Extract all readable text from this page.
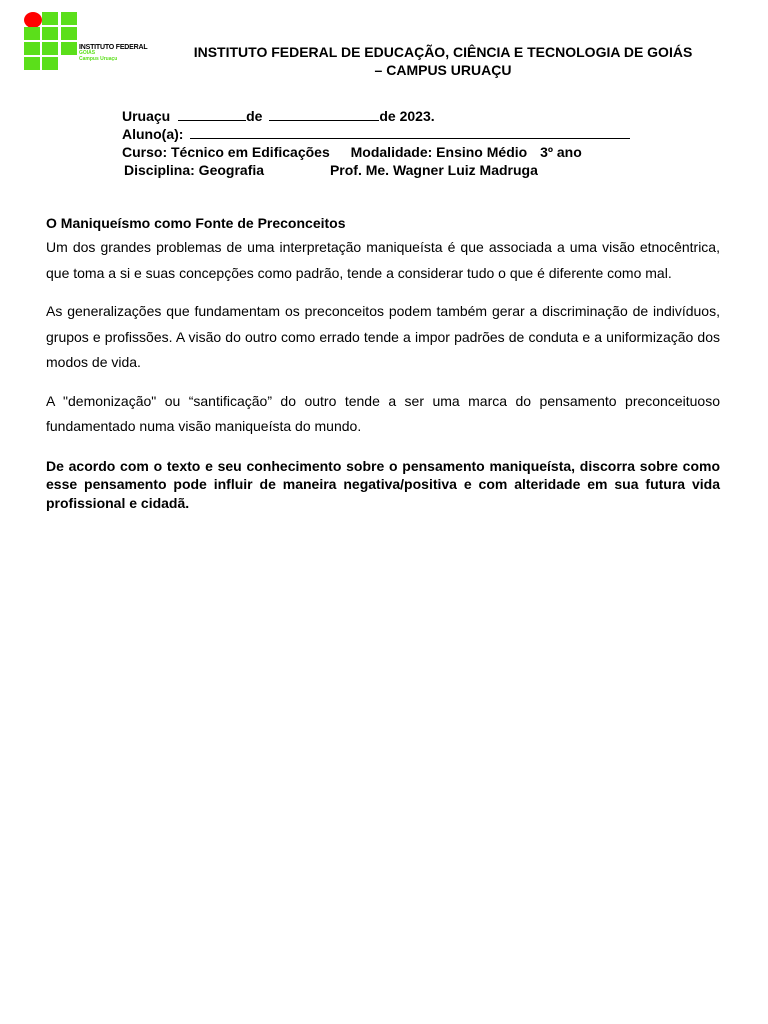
INSTITUTO FEDERAL
GOIÁS
Campus Uruaçu	INSTITUTO FEDERAL DE EDUCAÇÃO, CIÊNCIA E TECNOLOGIA DE GOIÁS
– CAMPUS URUAÇU
Uruaçu	de	de 2023.
Aluno(a):
Curso: Técnico em Edificações Modalidade: Ensino Médio 3º ano
Disciplina: Geografia	Prof. Me. Wagner Luiz Madruga
O Maniqueísmo como Fonte de Preconceitos

Um dos grandes problemas de uma interpretação maniqueísta é que associada a uma visão etnocêntrica, que toma a si e suas concepções como padrão, tende a considerar tudo o que é diferente como mal.

As generalizações que fundamentam os preconceitos podem também gerar a discriminação de indivíduos, grupos e profissões. A visão do outro como errado tende a impor padrões de conduta e a uniformização dos modos de vida.

A "demonização" ou “santificação” do outro tende a ser uma marca do pensamento preconceituoso fundamentado numa visão maniqueísta do mundo.

De acordo com o texto e seu conhecimento sobre o pensamento maniqueísta, discorra sobre como esse pensamento pode influir de maneira negativa/positiva e com alteridade em sua futura vida profissional e cidadã.
